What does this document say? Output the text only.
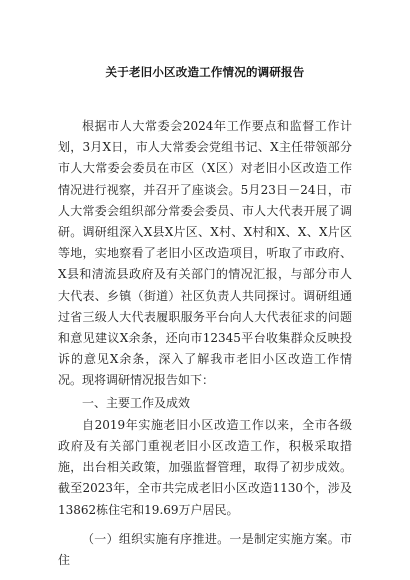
关于老旧小区改造工作情况的调研报告

根据市人大常委会2024年工作要点和监督工作计划，3月X日，市人大常委会党组书记、X主任带领部分市人大常委会委员在市区（X区）对老旧小区改造工作情况进行视察，并召开了座谈会。5月23日－24日，市人大常委会组织部分常委会委员、市人大代表开展了调研。调研组深入X县X片区、X村、X村和X、X、X片区等地，实地察看了老旧小区改造项目，听取了市政府、X县和清流县政府及有关部门的情况汇报，与部分市人大代表、乡镇（街道）社区负责人共同探讨。调研组通过省三级人大代表履职服务平台向人大代表征求的问题和意见建议X余条，还向市12345平台收集群众反映投诉的意见X余条，深入了解我市老旧小区改造工作情况。现将调研情况报告如下：

一、主要工作及成效

自2019年实施老旧小区改造工作以来，全市各级政府及有关部门重视老旧小区改造工作，积极采取措施，出台相关政策，加强监督管理，取得了初步成效。截至2023年，全市共完成老旧小区改造1130个，涉及13862栋住宅和19.69万户居民。

（一）组织实施有序推进。一是制定实施方案。市住
